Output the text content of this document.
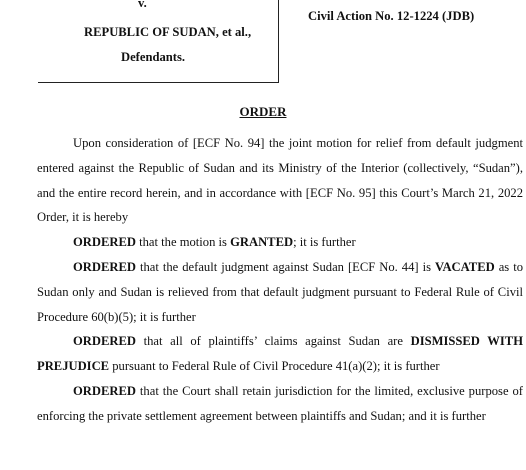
v.
REPUBLIC OF SUDAN, et al.,
Defendants.
Civil Action No. 12-1224 (JDB)
ORDER

Upon consideration of [ECF No. 94] the joint motion for relief from default judgment entered against the Republic of Sudan and its Ministry of the Interior (collectively, “Sudan”), and the entire record herein, and in accordance with [ECF No. 95] this Court’s March 21, 2022 Order, it is hereby

ORDERED that the motion is GRANTED; it is further

ORDERED that the default judgment against Sudan [ECF No. 44] is VACATED as to Sudan only and Sudan is relieved from that default judgment pursuant to Federal Rule of Civil Procedure 60(b)(5); it is further

ORDERED that all of plaintiffs’ claims against Sudan are DISMISSED WITH PREJUDICE pursuant to Federal Rule of Civil Procedure 41(a)(2); it is further

ORDERED that the Court shall retain jurisdiction for the limited, exclusive purpose of enforcing the private settlement agreement between plaintiffs and Sudan; and it is further
